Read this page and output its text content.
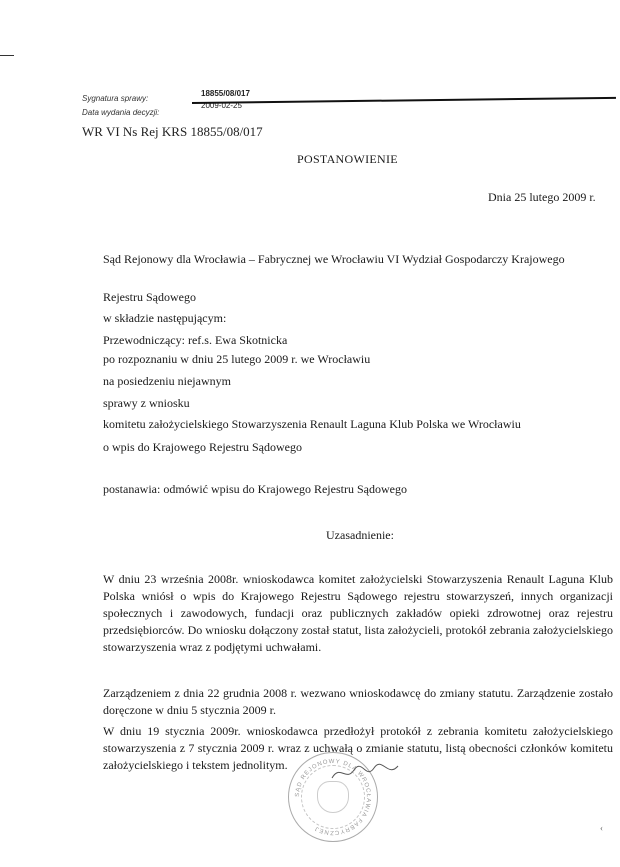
Sygnatura sprawy:
18855/08/017
Data wydania decyzji:
2009-02-25
WR VI Ns Rej KRS 18855/08/017
POSTANOWIENIE
Dnia 25 lutego 2009 r.
Sąd Rejonowy dla Wrocławia – Fabrycznej we Wrocławiu VI Wydział Gospodarczy Krajowego
Rejestru Sądowego
w składzie następującym:
Przewodniczący: ref.s. Ewa Skotnicka
po rozpoznaniu w dniu 25 lutego 2009 r. we Wrocławiu
na posiedzeniu niejawnym
sprawy z wniosku
komitetu założycielskiego Stowarzyszenia Renault Laguna Klub Polska we Wrocławiu
o wpis do Krajowego Rejestru Sądowego
postanawia: odmówić wpisu do Krajowego Rejestru Sądowego
Uzasadnienie:
W dniu 23 września 2008r. wnioskodawca komitet założycielski Stowarzyszenia Renault Laguna Klub Polska wniósł o wpis do Krajowego Rejestru Sądowego rejestru stowarzyszeń, innych organizacji społecznych i zawodowych, fundacji oraz publicznych zakładów opieki zdrowotnej oraz rejestru przedsiębiorców. Do wniosku dołączony został statut, lista założycieli, protokół zebrania założycielskiego stowarzyszenia wraz z podjętymi uchwałami.
Zarządzeniem z dnia 22 grudnia 2008 r. wezwano wnioskodawcę do zmiany statutu. Zarządzenie zostało doręczone w dniu 5 stycznia 2009 r.
W dniu 19 stycznia 2009r. wnioskodawca przedłożył protokół z zebrania komitetu założycielskiego stowarzyszenia z 7 stycznia 2009 r. wraz z uchwałą o zmianie statutu, listą obecności członków komitetu założycielskiego i tekstem jednolitym.
SĄD REJONOWY DLA WROCŁAWIA FABRYCZNEJ	‹
